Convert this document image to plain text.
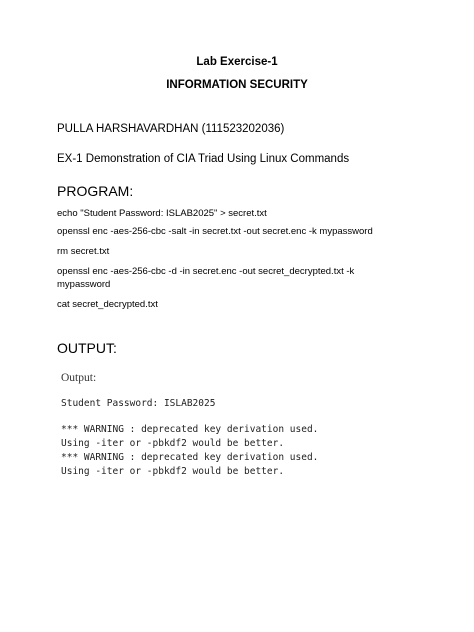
Lab Exercise-1
INFORMATION SECURITY
PULLA HARSHAVARDHAN (111523202036)
EX-1 Demonstration of CIA Triad Using Linux Commands
PROGRAM:
echo "Student Password: ISLAB2025" > secret.txt
openssl enc -aes-256-cbc -salt -in secret.txt -out secret.enc -k mypassword
rm secret.txt
openssl enc -aes-256-cbc -d -in secret.enc -out secret_decrypted.txt -k
mypassword
cat secret_decrypted.txt
OUTPUT:
Output:
Student Password: ISLAB2025
*** WARNING : deprecated key derivation used.
Using -iter or -pbkdf2 would be better.
*** WARNING : deprecated key derivation used.
Using -iter or -pbkdf2 would be better.
